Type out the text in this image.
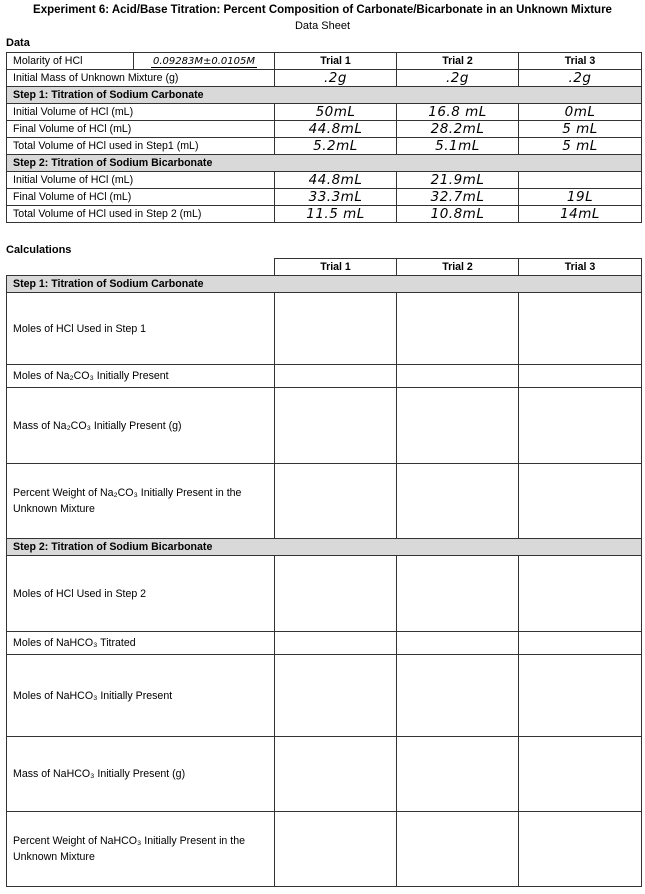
Experiment 6: Acid/Base Titration: Percent Composition of Carbonate/Bicarbonate in an Unknown Mixture
Data Sheet
Data
Molarity of HCl	0.09283M±0.0105M	Trial 1	Trial 2	Trial 3
Initial Mass of Unknown Mixture (g)		.2g	.2g	.2g
Step 1: Titration of Sodium Carbonate				
Initial Volume of HCl (mL)		50mL	16.8 mL	0mL
Final Volume of HCl (mL)		44.8mL	28.2mL	5 mL
Total Volume of HCl used in Step1 (mL)		5.2mL	5.1mL	5 mL
Step 2: Titration of Sodium Bicarbonate				
Initial Volume of HCl (mL)		44.8mL	21.9mL	
Final Volume of HCl (mL)		33.3mL	32.7mL	19L
Total Volume of HCl used in Step 2 (mL)		11.5 mL	10.8mL	14mL
Calculations
	Trial 1	Trial 2	Trial 3
Step 1: Titration of Sodium Carbonate			
Moles of HCl Used in Step 1			
Moles of Na₂CO₃ Initially Present			
Mass of Na₂CO₃ Initially Present (g)			
Percent Weight of Na₂CO₃ Initially Present in the Unknown Mixture			
Step 2: Titration of Sodium Bicarbonate			
Moles of HCl Used in Step 2			
Moles of NaHCO₃ Titrated			
Moles of NaHCO₃ Initially Present			
Mass of NaHCO₃ Initially Present (g)			
Percent Weight of NaHCO₃ Initially Present in the Unknown Mixture			
